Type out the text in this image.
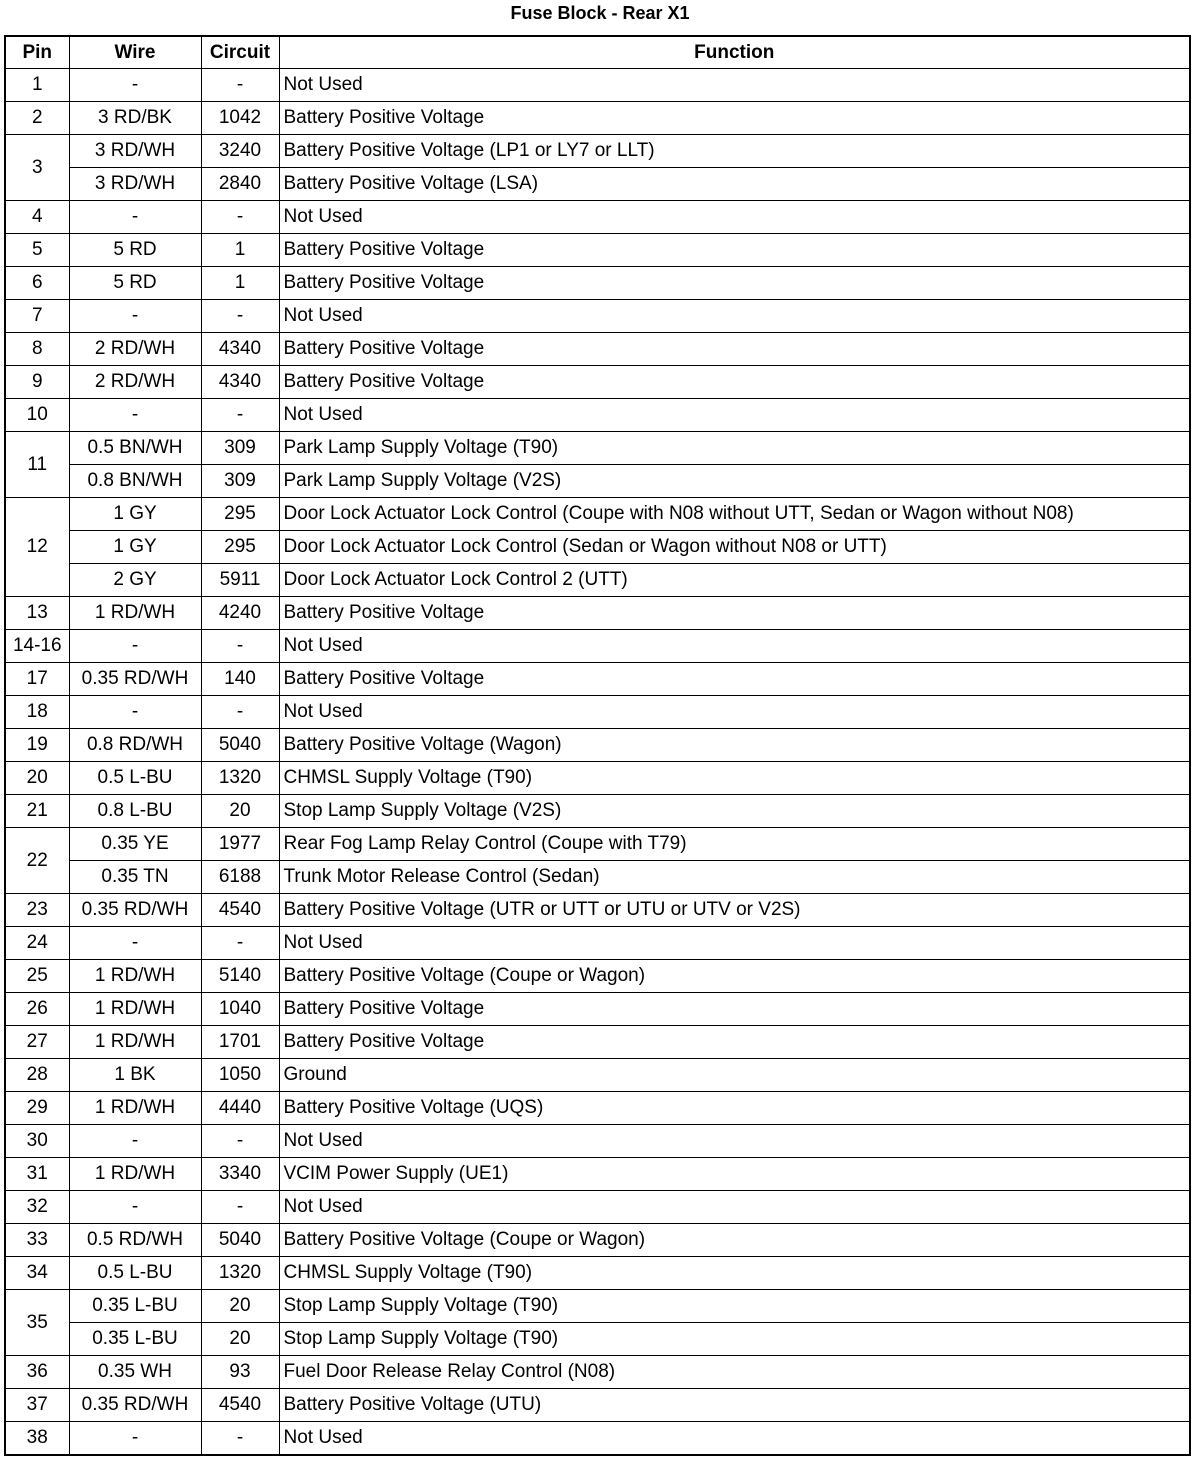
Fuse Block - Rear X1
Pin	Wire	Circuit	Function
1	-	-	Not Used
2	3 RD/BK	1042	Battery Positive Voltage
3	3 RD/WH	3240	Battery Positive Voltage (LP1 or LY7 or LLT)
	3 RD/WH	2840	Battery Positive Voltage (LSA)
4	-	-	Not Used
5	5 RD	1	Battery Positive Voltage
6	5 RD	1	Battery Positive Voltage
7	-	-	Not Used
8	2 RD/WH	4340	Battery Positive Voltage
9	2 RD/WH	4340	Battery Positive Voltage
10	-	-	Not Used
11	0.5 BN/WH	309	Park Lamp Supply Voltage (T90)
	0.8 BN/WH	309	Park Lamp Supply Voltage (V2S)
12	1 GY	295	Door Lock Actuator Lock Control (Coupe with N08 without UTT, Sedan or Wagon without N08)
	1 GY	295	Door Lock Actuator Lock Control (Sedan or Wagon without N08 or UTT)
	2 GY	5911	Door Lock Actuator Lock Control 2 (UTT)
13	1 RD/WH	4240	Battery Positive Voltage
14-16	-	-	Not Used
17	0.35 RD/WH	140	Battery Positive Voltage
18	-	-	Not Used
19	0.8 RD/WH	5040	Battery Positive Voltage (Wagon)
20	0.5 L-BU	1320	CHMSL Supply Voltage (T90)
21	0.8 L-BU	20	Stop Lamp Supply Voltage (V2S)
22	0.35 YE	1977	Rear Fog Lamp Relay Control (Coupe with T79)
	0.35 TN	6188	Trunk Motor Release Control (Sedan)
23	0.35 RD/WH	4540	Battery Positive Voltage (UTR or UTT or UTU or UTV or V2S)
24	-	-	Not Used
25	1 RD/WH	5140	Battery Positive Voltage (Coupe or Wagon)
26	1 RD/WH	1040	Battery Positive Voltage
27	1 RD/WH	1701	Battery Positive Voltage
28	1 BK	1050	Ground
29	1 RD/WH	4440	Battery Positive Voltage (UQS)
30	-	-	Not Used
31	1 RD/WH	3340	VCIM Power Supply (UE1)
32	-	-	Not Used
33	0.5 RD/WH	5040	Battery Positive Voltage (Coupe or Wagon)
34	0.5 L-BU	1320	CHMSL Supply Voltage (T90)
35	0.35 L-BU	20	Stop Lamp Supply Voltage (T90)
	0.35 L-BU	20	Stop Lamp Supply Voltage (T90)
36	0.35 WH	93	Fuel Door Release Relay Control (N08)
37	0.35 RD/WH	4540	Battery Positive Voltage (UTU)
38	-	-	Not Used
